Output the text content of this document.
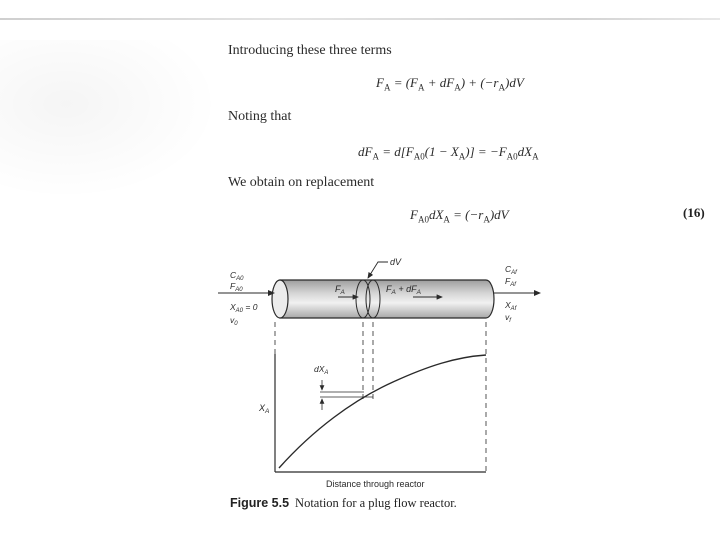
Introducing these three terms
$F_A = (F_A + dF_A) + (-r_A)dV$
Noting that
$dF_A = d[F_{A0}(1 - X_A)] = -F_{A0}dX_A$
We obtain on replacement
$F_{A0}dX_A = (-r_A)dV$	(16)
dV
$F_A$	$F_A + dF_A$
$C_{A0}$
$F_{A0}$
$X_{A0} = 0$
$v_0$
$C_{Af}$
$F_{Af}$
$X_{Af}$
$v_f$
$dX_A$
$X_A$
Distance through reactor
Figure 5.5 Notation for a plug flow reactor.
